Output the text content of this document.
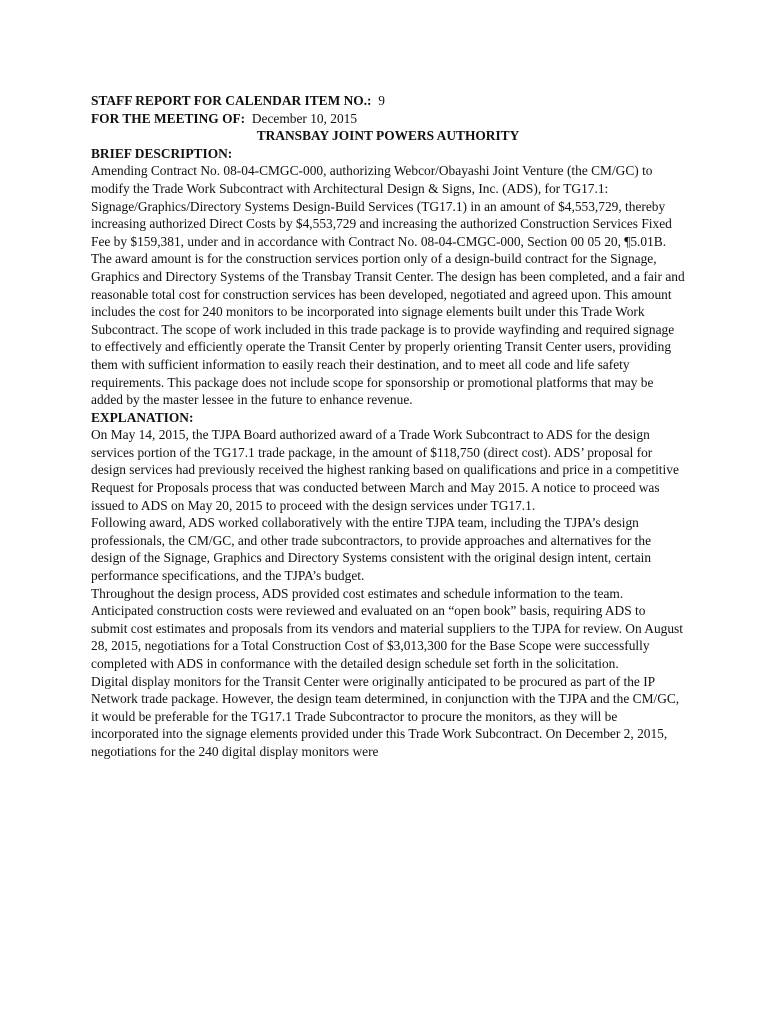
STAFF REPORT FOR CALENDAR ITEM NO.: 9

FOR THE MEETING OF: December 10, 2015

TRANSBAY JOINT POWERS AUTHORITY

BRIEF DESCRIPTION:

Amending Contract No. 08-04-CMGC-000, authorizing Webcor/Obayashi Joint Venture (the CM/GC) to modify the Trade Work Subcontract with Architectural Design & Signs, Inc. (ADS), for TG17.1: Signage/Graphics/Directory Systems Design-Build Services (TG17.1) in an amount of $4,553,729, thereby increasing authorized Direct Costs by $4,553,729 and increasing the authorized Construction Services Fixed Fee by $159,381, under and in accordance with Contract No. 08-04-CMGC-000, Section 00 05 20, ¶5.01B. The award amount is for the construction services portion only of a design-build contract for the Signage, Graphics and Directory Systems of the Transbay Transit Center. The design has been completed, and a fair and reasonable total cost for construction services has been developed, negotiated and agreed upon. This amount includes the cost for 240 monitors to be incorporated into signage elements built under this Trade Work Subcontract. The scope of work included in this trade package is to provide wayfinding and required signage to effectively and efficiently operate the Transit Center by properly orienting Transit Center users, providing them with sufficient information to easily reach their destination, and to meet all code and life safety requirements. This package does not include scope for sponsorship or promotional platforms that may be added by the master lessee in the future to enhance revenue.

EXPLANATION:

On May 14, 2015, the TJPA Board authorized award of a Trade Work Subcontract to ADS for the design services portion of the TG17.1 trade package, in the amount of $118,750 (direct cost). ADS’ proposal for design services had previously received the highest ranking based on qualifications and price in a competitive Request for Proposals process that was conducted between March and May 2015. A notice to proceed was issued to ADS on May 20, 2015 to proceed with the design services under TG17.1.

Following award, ADS worked collaboratively with the entire TJPA team, including the TJPA’s design professionals, the CM/GC, and other trade subcontractors, to provide approaches and alternatives for the design of the Signage, Graphics and Directory Systems consistent with the original design intent, certain performance specifications, and the TJPA’s budget.

Throughout the design process, ADS provided cost estimates and schedule information to the team. Anticipated construction costs were reviewed and evaluated on an “open book” basis, requiring ADS to submit cost estimates and proposals from its vendors and material suppliers to the TJPA for review. On August 28, 2015, negotiations for a Total Construction Cost of $3,013,300 for the Base Scope were successfully completed with ADS in conformance with the detailed design schedule set forth in the solicitation.

Digital display monitors for the Transit Center were originally anticipated to be procured as part of the IP Network trade package. However, the design team determined, in conjunction with the TJPA and the CM/GC, it would be preferable for the TG17.1 Trade Subcontractor to procure the monitors, as they will be incorporated into the signage elements provided under this Trade Work Subcontract. On December 2, 2015, negotiations for the 240 digital display monitors were
